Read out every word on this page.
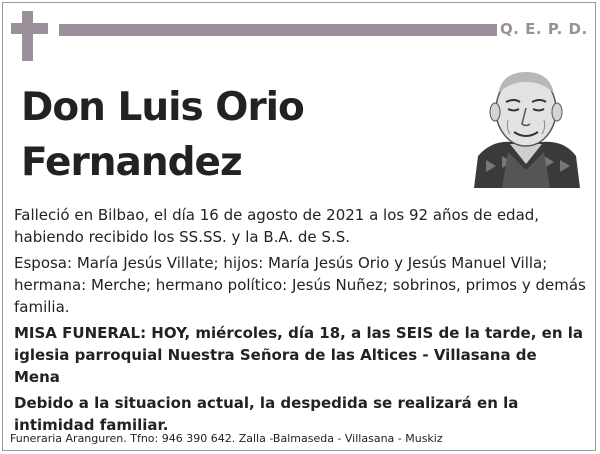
Q. E. P. D.
Don Luis Orio
Fernandez

Falleció en Bilbao, el día 16 de agosto de 2021 a los 92 años de edad, habiendo recibido los SS.SS. y la B.A. de S.S.

Esposa: María Jesús Villate; hijos: María Jesús Orio y Jesús Manuel Villa; hermana: Merche; hermano político: Jesús Nuñez; sobrinos, primos y demás familia.

MISA FUNERAL: HOY, miércoles, día 18, a las SEIS de la tarde, en la iglesia parroquial Nuestra Señora de las Altices - Villasana de Mena

Debido a la situacion actual, la despedida se realizará en la intimidad familiar.

Funeraria Aranguren. Tfno: 946 390 642. Zalla -Balmaseda - Villasana - Muskiz
